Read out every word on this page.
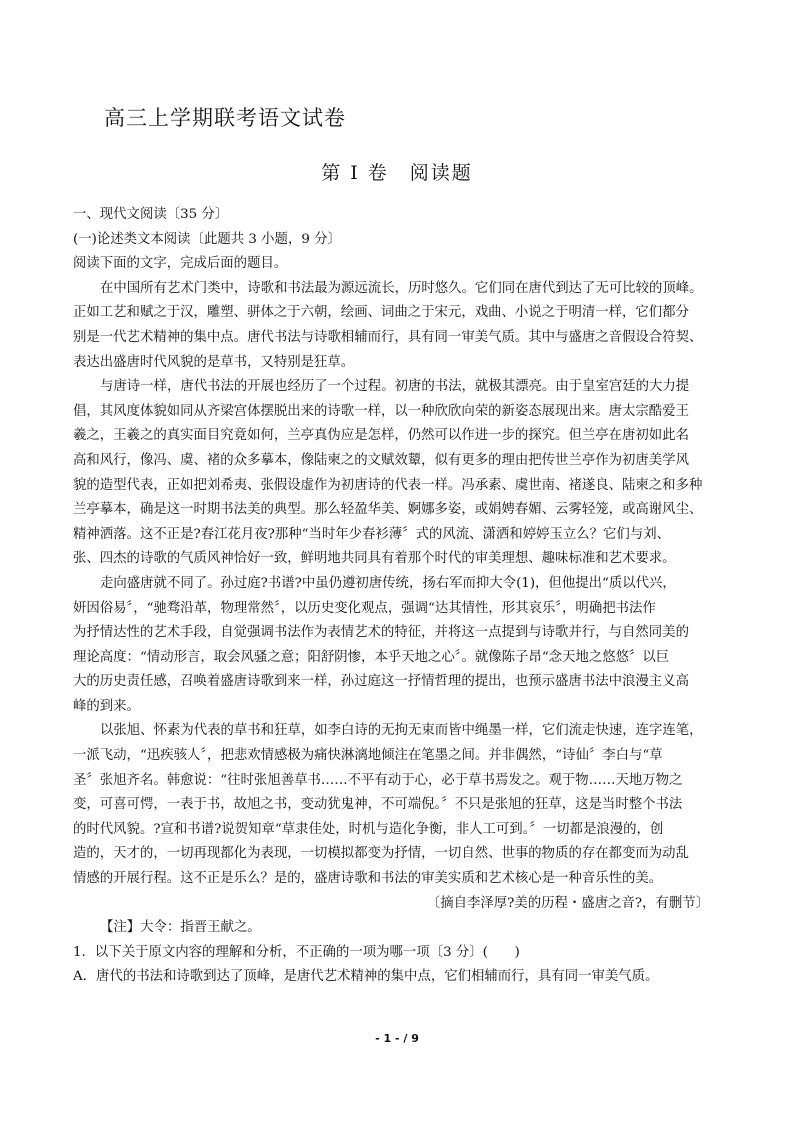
高三上学期联考语文试卷
第 I 卷　阅读题
一、现代文阅读〔35 分〕
(一)论述类文本阅读〔此题共 3 小题，9 分〕
阅读下面的文字，完成后面的题目。
在中国所有艺术门类中，诗歌和书法最为源远流长，历时悠久。它们同在唐代到达了无可比较的顶峰。
正如工艺和赋之于汉，雕塑、骈体之于六朝，绘画、词曲之于宋元，戏曲、小说之于明清一样，它们都分
别是一代艺术精神的集中点。唐代书法与诗歌相辅而行，具有同一审美气质。其中与盛唐之音假设合符契、
表达出盛唐时代风貌的是草书，又特别是狂草。
与唐诗一样，唐代书法的开展也经历了一个过程。初唐的书法，就极其漂亮。由于皇室宫廷的大力提
倡，其风度体貌如同从齐梁宫体摆脱出来的诗歌一样，以一种欣欣向荣的新姿态展现出来。唐太宗酷爱王
羲之，王羲之的真实面目究竟如何，兰亭真伪应是怎样，仍然可以作进一步的探究。但兰亭在唐初如此名
高和风行，像冯、虞、褚的众多摹本，像陆柬之的文赋效颦，似有更多的理由把传世兰亭作为初唐美学风
貌的造型代表，正如把刘希夷、张假设虚作为初唐诗的代表一样。冯承素、虞世南、褚遂良、陆柬之和多种
兰亭摹本，确是这一时期书法美的典型。那么轻盈华美、婀娜多姿，或娟娉春媚、云雾轻笼，或高谢风尘、
精神洒落。这不正是?春江花月夜?那种“当时年少春衫薄〞式的风流、潇洒和婷婷玉立么？它们与刘、
张、四杰的诗歌的气质风神恰好一致，鲜明地共同具有着那个时代的审美理想、趣味标准和艺术要求。
走向盛唐就不同了。孙过庭?书谱?中虽仍遵初唐传统，扬右军而抑大令(1)，但他提出“质以代兴，
妍因俗易〞，“驰骛沿革，物理常然〞，以历史变化观点，强调“达其情性，形其哀乐〞，明确把书法作
为抒情达性的艺术手段，自觉强调书法作为表情艺术的特征，并将这一点提到与诗歌并行，与自然同美的
理论高度：“情动形言，取会风骚之意；阳舒阴惨，本乎天地之心〞。就像陈子昂“念天地之悠悠〞以巨
大的历史责任感，召唤着盛唐诗歌到来一样，孙过庭这一抒情哲理的提出，也预示盛唐书法中浪漫主义高
峰的到来。
以张旭、怀素为代表的草书和狂草，如李白诗的无拘无束而皆中绳墨一样，它们流走快速，连字连笔，
一派飞动，“迅疾骇人〞，把悲欢情感极为痛快淋漓地倾注在笔墨之间。并非偶然，“诗仙〞李白与“草
圣〞张旭齐名。韩愈说：“往时张旭善草书……不平有动于心，必于草书焉发之。观于物……天地万物之
变，可喜可愕，一表于书，故旭之书，变动犹鬼神，不可端倪。〞不只是张旭的狂草，这是当时整个书法
的时代风貌。?宣和书谱?说贺知章“草隶佳处，时机与造化争衡，非人工可到。〞一切都是浪漫的，创
造的，天才的，一切再现都化为表现，一切模拟都变为抒情，一切自然、世事的物质的存在都变而为动乱
情感的开展行程。这不正是乐么？是的，盛唐诗歌和书法的审美实质和艺术核心是一种音乐性的美。
〔摘自李泽厚?美的历程・盛唐之音?，有删节〕
【注】大令：指晋王献之。
1．以下关于原文内容的理解和分析，不正确的一项为哪一项〔3 分〕(　　)
A．唐代的书法和诗歌到达了顶峰，是唐代艺术精神的集中点，它们相辅而行，具有同一审美气质。
- 1 - / 9
